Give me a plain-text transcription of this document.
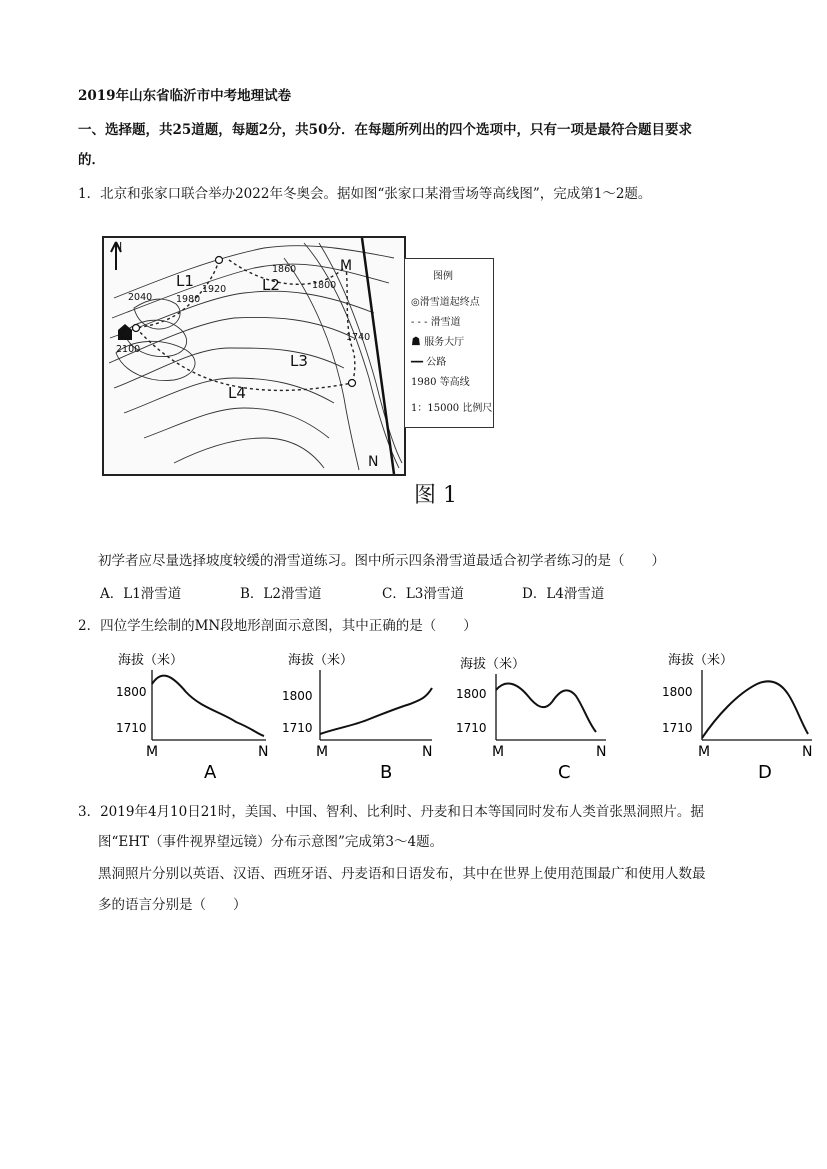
2019年山东省临沂市中考地理试卷
一、选择题，共25道题，每题2分，共50分．在每题所列出的四个选项中，只有一项是最符合题目要求
的．
1．北京和张家口联合举办2022年冬奥会。据如图“张家口某滑雪场等高线图”，完成第1～2题。
N
L1	L2
L3
L4
M
N
2040	1980
1920
1860
1800
1740
2100
图例
◎滑雪道起终点
- - - 滑雪道
☗ 服务大厅
━━ 公路
1980 等高线
1：15000 比例尺
图 1
初学者应尽量选择坡度较缓的滑雪道练习。图中所示四条滑雪道最适合初学者练习的是（　　）
A．L1滑雪道	B．L2滑雪道	C．L3滑雪道	D．L4滑雪道
2．四位学生绘制的MN段地形剖面示意图，其中正确的是（　　）
海拔（米）
1800
1710
M	N
A
海拔（米）
1800
1710
M	N
B
海拔（米）
1800
1710
M	N
C
海拔（米）
1800
1710
M	N
D
3．2019年4月10日21时，美国、中国、智利、比利时、丹麦和日本等国同时发布人类首张黑洞照片。据
图“EHT（事件视界望远镜）分布示意图”完成第3～4题。
黑洞照片分别以英语、汉语、西班牙语、丹麦语和日语发布，其中在世界上使用范围最广和使用人数最
多的语言分别是（　　）
